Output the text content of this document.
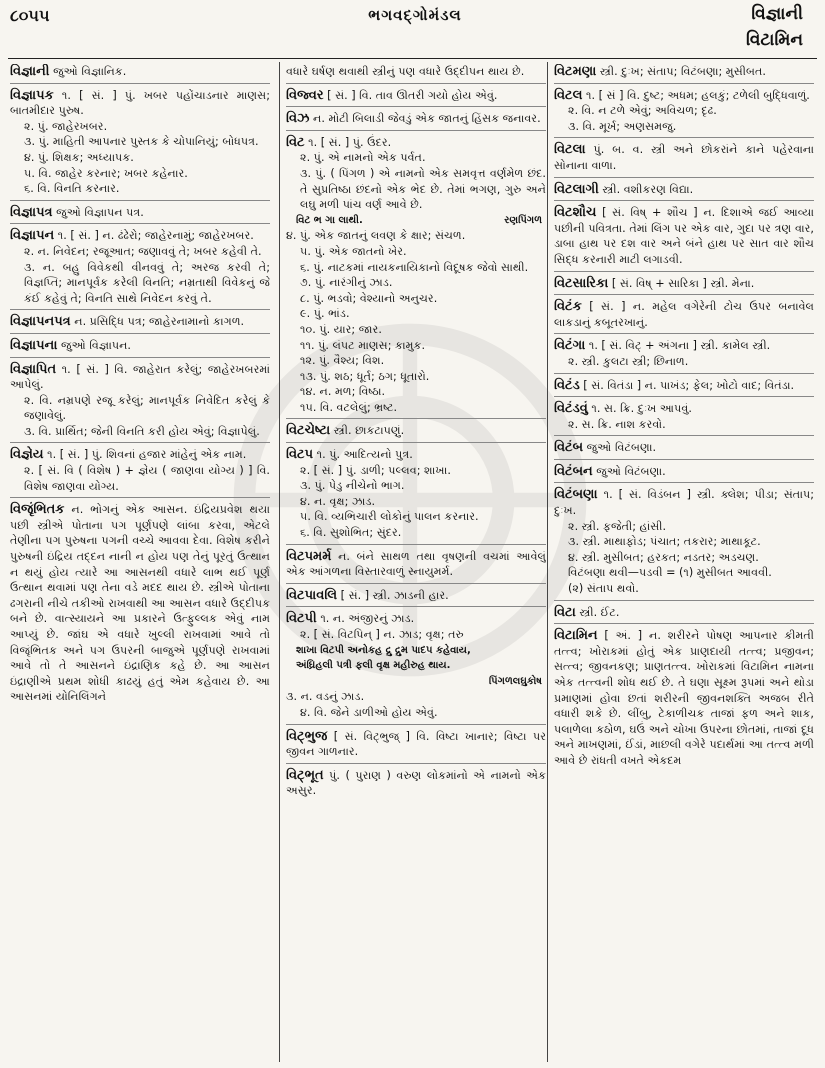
૮૦૫૫	ભગવદ્ગોમંડલ	વિજ્ઞાની
વિટામિન

વિજ્ઞાની જુઓ વિજ્ઞાનિક.

વિજ્ઞાપક ૧. [ સં. ] પું. ખબર પહોંચાડનાર માણસ; બાતમીદાર પુરુષ.

૨. પું. જાહેરખબર.

૩. પું. માહિતી આપનાર પુસ્તક કે ચોપાનિયું; બોધપત્ર.

૪. પું. શિક્ષક; અધ્યાપક.

૫. વિ. જાહેર કરનાર; ખબર કહેનાર.

૬. વિ. વિનતિ કરનાર.

વિજ્ઞાપત્ર જુઓ વિજ્ઞાપન પત્ર.

વિજ્ઞાપન ૧. [ સં. ] ન. ઢંઢેરો; જાહેરનામું; જાહેરખબર.

૨. ન. નિવેદન; રજૂઆત; જણાવવું તે; ખબર કહેવી તે.

૩. ન. બહુ વિવેકથી વીનવવું તે; અરજ કરવી તે; વિજ્ઞપ્તિ; માનપૂર્વક કરેલી વિનતિ; નમ્રતાથી વિવેકનું જે કંઈ કહેવું તે; વિનતિ સાથે નિવેદન કરવું તે.

વિજ્ઞાપનપત્ર ન. પ્રસિદ્ધિ પત્ર; જાહેરનામાનો કાગળ.

વિજ્ઞાપના જુઓ વિજ્ઞાપન.

વિજ્ઞાપિત ૧. [ સં. ] વિ. જાહેરાત કરેલું; જાહેરખબરમાં આપેલું.

૨. વિ. નમ્રપણે રજૂ કરેલું; માનપૂર્વક નિવેદિત કરેલું કે જણાવેલું.

૩. વિ. પ્રાર્થિત; જેની વિનતિ કરી હોય એવું; વિજ્ઞાપેલું.

વિજ્ઞેય ૧. [ સં. ] પું. શિવનાં હજાર માંહેનું એક નામ.

૨. [ સં. વિ ( વિશેષ ) + જ્ઞેય ( જાણવા યોગ્ય ) ] વિ. વિશેષ જાણવા યોગ્ય.

વિજૃંભિતક ન. ભોગનું એક આસન. ઇંદ્રિયપ્રવેશ થયા પછી સ્ત્રીએ પોતાના પગ પૂર્ણપણે લાંબા કરવા, એટલે તેણીના પગ પુરુષના પગની વચ્ચે આવવા દેવા. વિશેષ કરીને પુરુષની ઇંદ્રિય તદ્દન નાની ન હોય પણ તેનું પૂરતું ઉત્થાન ન થયું હોય ત્યારે આ આસનથી વધારે લાભ થઈ પૂર્ણ ઉત્થાન થવામાં પણ તેના વડે મદદ થાય છે. સ્ત્રીએ પોતાના ઢગરાની નીચે તકીઓ રાખવાથી આ આસન વધારે ઉદ્દીપક બને છે. વાત્સ્યાયને આ પ્રકારને ઉત્ફુલ્લક એવું નામ આપ્યું છે. જાંઘ એ વધારે ખુલ્લી રાખવામાં આવે તો વિજૃંભિતક અને પગ ઉપરની બાજુએ પૂર્ણપણે રાખવામાં આવે તો તે આસનને ઇંદ્રાણિક કહે છે. આ આસન ઇંદ્રાણીએ પ્રથમ શોધી કાઢયું હતું એમ કહેવાય છે. આ આસનમાં યોનિલિંગને

વધારે ઘર્ષણ થવાથી સ્ત્રીનું પણ વધારે ઉદ્દીપન થાય છે.

વિજ્વર [ સં. ] વિ. તાવ ઊતરી ગયો હોય એવું.

વિઝ ન. મોટી બિલાડી જેવડું એક જાતનું હિંસક જનાવર.

વિટ ૧. [ સં. ] પું. ઉંદર.

૨. પું. એ નામનો એક પર્વત.

૩. પું. ( પિંગળ ) એ નામનો એક સમવૃત્ત વર્ણમેળ છંદ. તે સુપ્રતિષ્ઠા છંદનો એક ભેદ છે. તેમાં ભગણ, ગુરુ અને લઘુ મળી પાંચ વર્ણ આવે છે.

વિટ ભ ગા લાથી.	રણપિંગળ

૪. પું. એક જાતનું લવણ કે ક્ષાર; સંચળ.

૫. પું. એક જાતનો ખેર.

૬. પું. નાટકમાં નાયકનાયિકાનો વિદૂષક જેવો સાથી.

૭. પું. નારંગીનું ઝાડ.

૮. પું. ભડવો; વેશ્યાનો અનુચર.

૯. પું. ભાંડ.

૧૦. પું. યાર; જાર.

૧૧. પું. લંપટ માણસ; કામુક.

૧૨. પું. વૈશ્ય; વિશ.

૧૩. પું. શઠ; ધૂર્ત; ઠગ; ધૂતારો.

૧૪. ન. મળ; વિષ્ઠા.

૧૫. વિ. વટલેલું; ભ્રષ્ટ.

વિટચેષ્ટા સ્ત્રી. છાકટાપણું.

વિટપ ૧. પું. આદિત્યનો પુત્ર.

૨. [ સં. ] પું. ડાળી; પલ્લવ; શાખા.

૩. પું. પેડુ નીચેનો ભાગ.

૪. ન. વૃક્ષ; ઝાડ.

૫. વિ. વ્યભિચારી લોકોનું પાલન કરનાર.

૬. વિ. સુશોભિત; સુંદર.

વિટપમર્મ ન. બંને સાથળ તથા વૃષણની વચમાં આવેલું એક આંગળના વિસ્તારવાળું સ્નાયુમર્મ.

વિટપાવલિ [ સં. ] સ્ત્રી. ઝાડની હાર.

વિટપી ૧. ન. અંજીરનું ઝાડ.

૨. [ સં. વિટપિન્ ] ન. ઝાડ; વૃક્ષ; તરુ

શાખા વિટપી અનોકહ દ્રુ દ્રુમ પાદપ કહેવાય,
અંઘ્રિહલી પત્રી ફલી વૃક્ષ મહીરુહ થાય.
પિંગળલઘુકોષ

૩. ન. વડનું ઝાડ.

૪. વિ. જેને ડાળીઓ હોય એવું.

વિટ્ભુજ [ સં. વિટ્ભુજ્ ] વિ. વિષ્ટા ખાનાર; વિષ્ટા પર જીવન ગાળનાર.

વિટ્ભૂત પું. ( પુરાણ ) વરુણ લોકમાંનો એ નામનો એક અસુર.

વિટમણા સ્ત્રી. દુઃખ; સંતાપ; વિટંબણા; મુસીબત.

વિટલ ૧. [ સં ] વિ. દુષ્ટ; અધમ; હલકું; ટળેલી બુદ્ધિવાળું.

૨. વિ. ન ટળે એવું; અવિચળ; દૃઢ.

૩. વિ. મૂર્ખ; અણસમજુ.

વિટલા પું. બ. વ. સ્ત્રી અને છોકરાંને કાને પહેરવાના સોનાના વાળા.

વિટલાગી સ્ત્રી. વશીકરણ વિદ્યા.

વિટશૌચ [ સં. વિષ્ + શૌચ ] ન. દિશાએ જઈ આવ્યા પછીની પવિત્રતા. તેમાં લિંગ પર એક વાર, ગુદા પર ત્રણ વાર, ડાબા હાથ પર દશ વાર અને બંને હાથ પર સાત વાર શૌચ સિદ્ધ કરનારી માટી લગાડવી.

વિટસારિકા [ સં. વિષ્ + સારિકા ] સ્ત્રી. મેના.

વિટંક [ સં. ] ન. મહેલ વગેરેની ટોચ ઉપર બનાવેલ લાકડાનું કબૂતરખાનું.

વિટંગા ૧. [ સં. વિટ્ + અંગના ] સ્ત્રી. કામેલ સ્ત્રી.

૨. સ્ત્રી. કુલટા સ્ત્રી; છિનાળ.

વિટંડ [ સં. વિતંડા ] ન. પાખંડ; ફેલ; ખોટો વાદ; વિતંડા.

વિટંડવું ૧. સ. ક્રિ. દુઃખ આપવું.

૨. સ. ક્રિ. નાશ કરવો.

વિટંબ જુઓ વિટંબણા.

વિટંબન જુઓ વિટંબણા.

વિટંબણા ૧. [ સં. વિડંબન ] સ્ત્રી. ક્લેશ; પીડા; સંતાપ; દુઃખ.

૨. સ્ત્રી. ફજેતી; હાંસી.

૩. સ્ત્રી. માથાફોડ; પંચાત; તકરાર; માથાકૂટ.

૪. સ્ત્રી. મુસીબત; હરકત; નડતર; અડચણ.

વિટંબણા થવી—પડવી = (૧) મુસીબત આવવી.

(૨) સંતાપ થવો.

વિટા સ્ત્રી. ઈંટ.

વિટામિન [ અં. ] ન. શરીરને પોષણ આપનાર કીમતી તત્ત્વ; ખોરાકમાં હોતું એક પ્રાણદાયી તત્ત્વ; પ્રજીવન; સત્ત્વ; જીવનકણ; પ્રાણતત્ત્વ. ખોરાકમાં વિટામિન નામના એક તત્ત્વની શોધ થઈ છે. તે ઘણા સૂક્ષ્મ રૂપમાં અને થોડા પ્રમાણમાં હોવા છતાં શરીરની જીવનશક્તિ અજબ રીતે વધારી શકે છે. લીંબુ, ટેકાળીચક તાજાં ફળ અને શાક, પલાળેલા કઠોળ, ઘઉં અને ચોખા ઉપરના છોતમાં, તાજાં દૂધ અને માખણમાં, ઈંડાં, માછલી વગેરે પદાર્થમાં આ તત્ત્વ મળી આવે છે રાંધતી વખતે એકદમ
